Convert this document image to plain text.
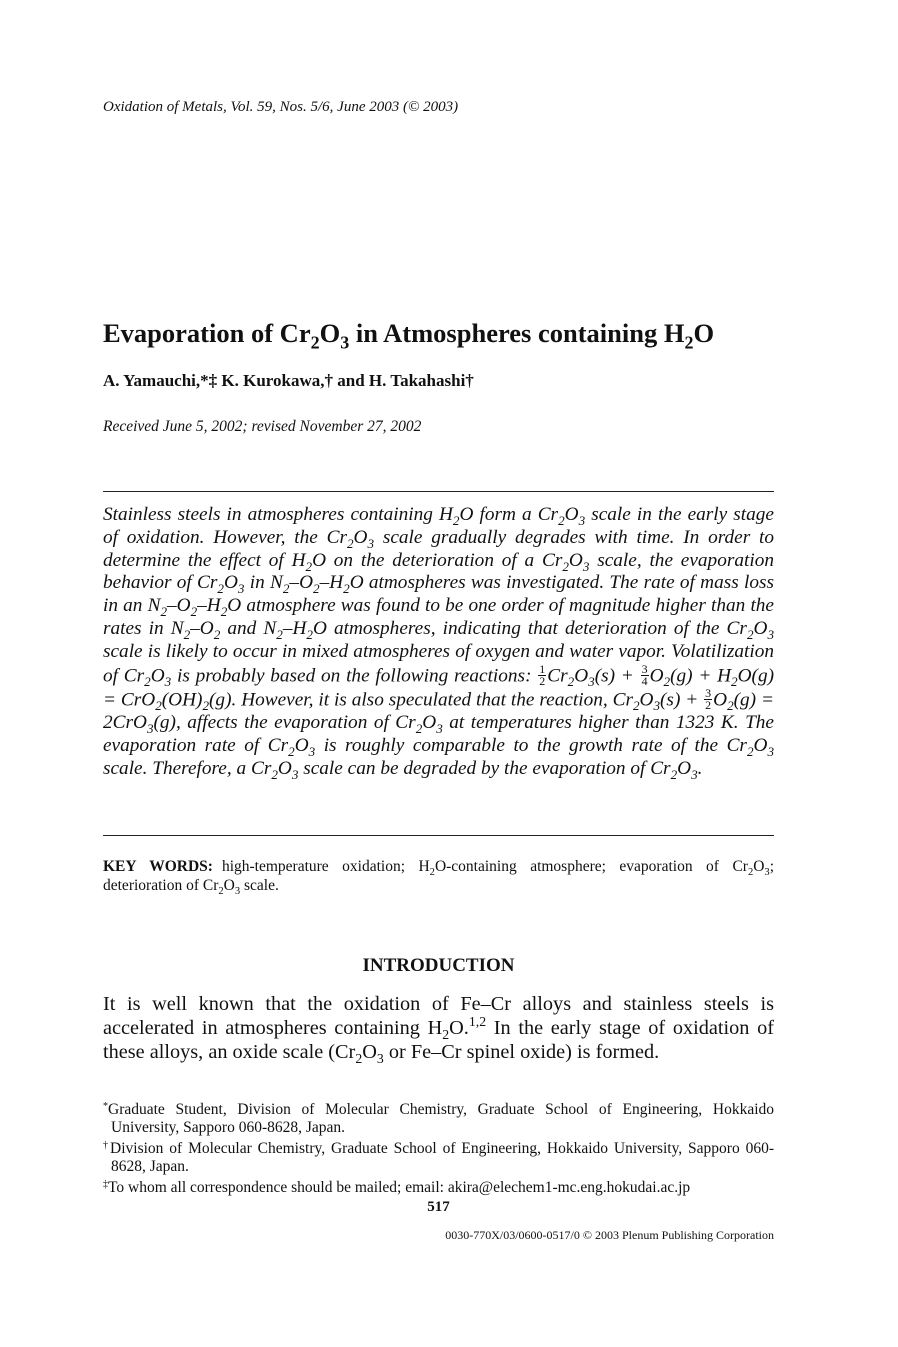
Oxidation of Metals, Vol. 59, Nos. 5/6, June 2003 (© 2003)
Evaporation of $Cr_2O_3$ in Atmospheres containing $H_2O$
A. Yamauchi,*‡ K. Kurokawa,† and H. Takahashi†
Received June 5, 2002; revised November 27, 2002

Stainless steels in atmospheres containing $H_2O$ form a $Cr_2O_3$ scale in the early stage of oxidation. However, the $Cr_2O_3$ scale gradually degrades with time. In order to determine the effect of $H_2O$ on the deterioration of a $Cr_2O_3$ scale, the evaporation behavior of $Cr_2O_3$ in $N_2-O_2-H_2O$ atmospheres was investigated. The rate of mass loss in an $N_2-O_2-H_2O$ atmosphere was found to be one order of magnitude higher than the rates in $N_2-O_2$ and $N_2-H_2O$ atmospheres, indicating that deterioration of the $Cr_2O_3$ scale is likely to occur in mixed atmospheres of oxygen and water vapor. Volatilization of $Cr_2O_3$ is probably based on the following reactions: $\frac{1}{2} Cr_2O_3(s) + \frac{3}{4} O_2(g) + H_2O(g) = CrO_2(OH)_2(g)$. However, it is also speculated that the reaction, $Cr_2O_3(s) + \frac{3}{2} O_2(g) = 2CrO_3(g)$, affects the evaporation of $Cr_2O_3$ at temperatures higher than 1323 K. The evaporation rate of $Cr_2O_3$ is roughly comparable to the growth rate of the $Cr_2O_3$ scale. Therefore, a $Cr_2O_3$ scale can be degraded by the evaporation of $Cr_2O_3$.

KEY WORDS: high-temperature oxidation; $H_2O$-containing atmosphere; evaporation of $Cr_2O_3$; deterioration of $Cr_2O_3$ scale.
INTRODUCTION

It is well known that the oxidation of Fe–Cr alloys and stainless steels is accelerated in atmospheres containing $H_2O.^{1,2}$ In the early stage of oxidation of these alloys, an oxide scale ($Cr_2O_3$ or Fe–Cr spinel oxide) is formed.

*Graduate Student, Division of Molecular Chemistry, Graduate School of Engineering, Hokkaido University, Sapporo 060-8628, Japan.
†Division of Molecular Chemistry, Graduate School of Engineering, Hokkaido University, Sapporo 060-8628, Japan.
‡To whom all correspondence should be mailed; email: akira@elechem1-mc.eng.hokudai.ac.jp
517
0030-770X/03/0600-0517/0 © 2003 Plenum Publishing Corporation
